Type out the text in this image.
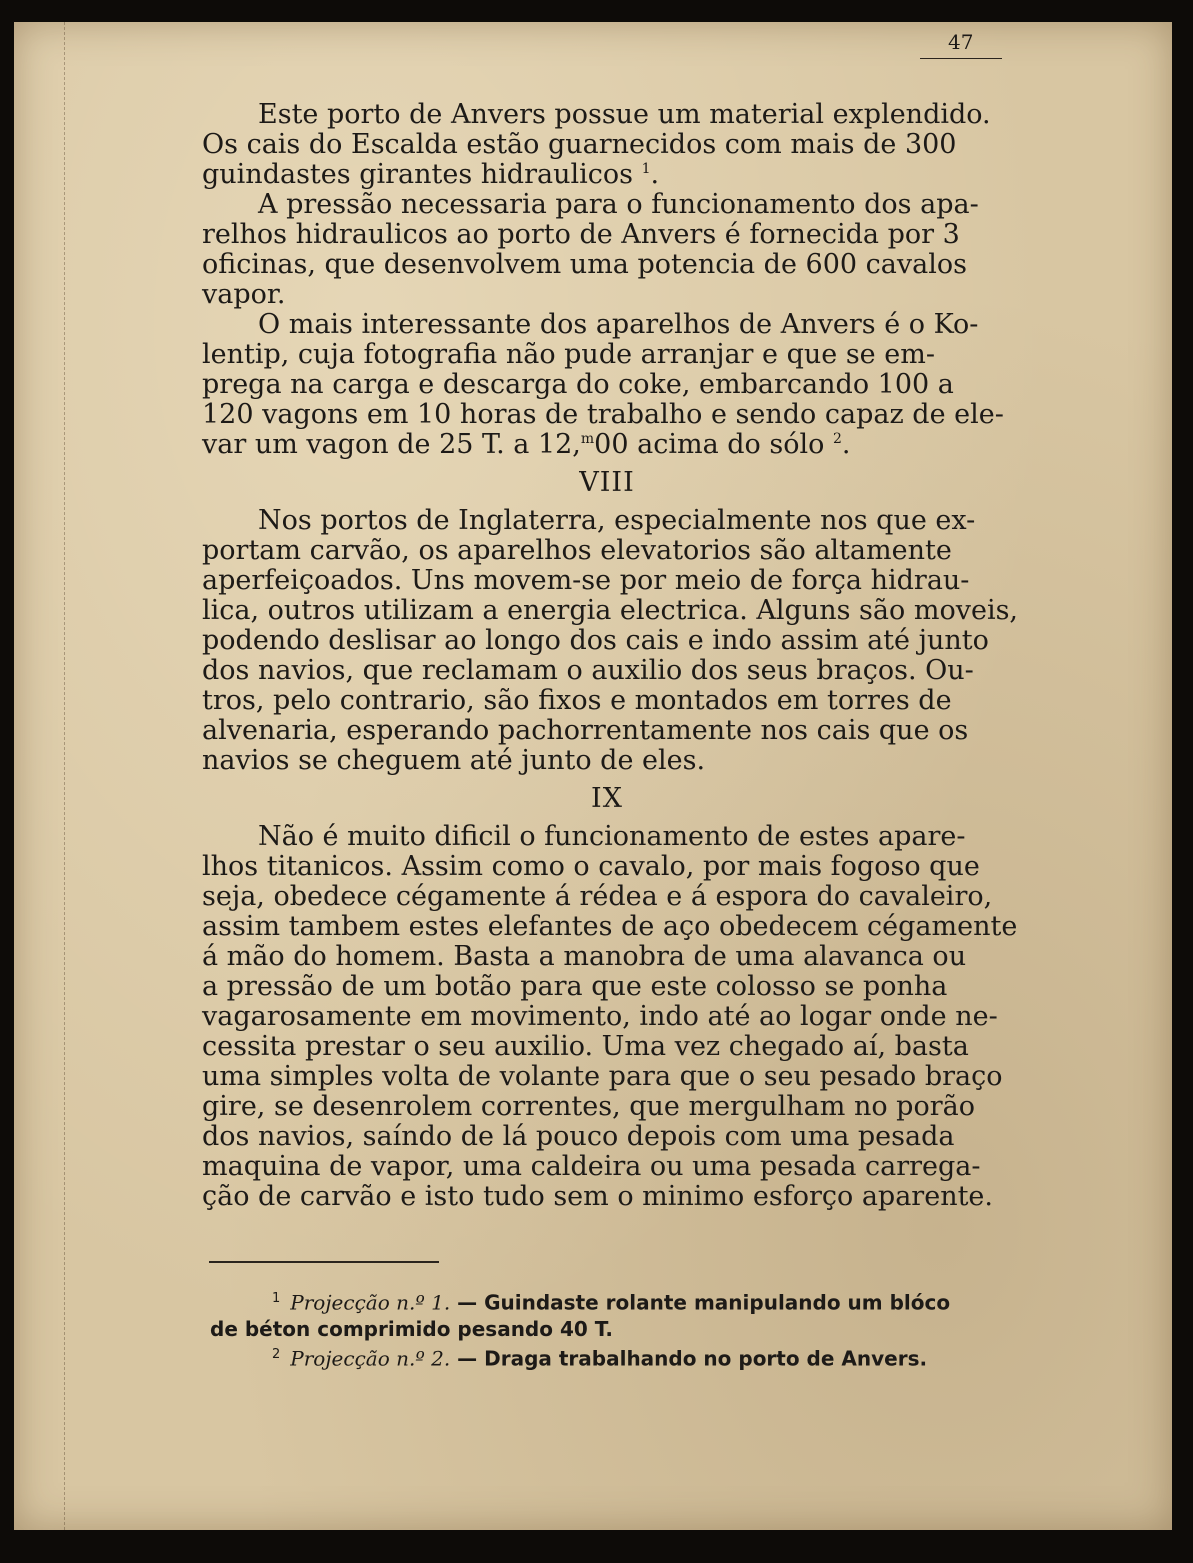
47
Este porto de Anvers possue um material explendido.
Os cais do Escalda estão guarnecidos com mais de 300
guindastes girantes hidraulicos $^1$.
A pressão necessaria para o funcionamento dos apa-
relhos hidraulicos ao porto de Anvers é fornecida por 3
oficinas, que desenvolvem uma potencia de 600 cavalos
vapor.
O mais interessante dos aparelhos de Anvers é o Ko-
lentip, cuja fotografia não pude arranjar e que se em-
prega na carga e descarga do coke, embarcando 100 a
120 vagons em 10 horas de trabalho e sendo capaz de ele-
var um vagon de 25 T. a 12,$^m$00 acima do sólo $^2$.
VIII
Nos portos de Inglaterra, especialmente nos que ex-
portam carvão, os aparelhos elevatorios são altamente
aperfeiçoados. Uns movem-se por meio de força hidrau-
lica, outros utilizam a energia electrica. Alguns são moveis,
podendo deslisar ao longo dos cais e indo assim até junto
dos navios, que reclamam o auxilio dos seus braços. Ou-
tros, pelo contrario, são fixos e montados em torres de
alvenaria, esperando pachorrentamente nos cais que os
navios se cheguem até junto de eles.
IX
Não é muito dificil o funcionamento de estes apare-
lhos titanicos. Assim como o cavalo, por mais fogoso que
seja, obedece cégamente á rédea e á espora do cavaleiro,
assim tambem estes elefantes de aço obedecem cégamente
á mão do homem. Basta a manobra de uma alavanca ou
a pressão de um botão para que este colosso se ponha
vagarosamente em movimento, indo até ao logar onde ne-
cessita prestar o seu auxilio. Uma vez chegado aí, basta
uma simples volta de volante para que o seu pesado braço
gire, se desenrolem correntes, que mergulham no porão
dos navios, saíndo de lá pouco depois com uma pesada
maquina de vapor, uma caldeira ou uma pesada carrega-
ção de carvão e isto tudo sem o minimo esforço aparente.
$^1$ Projecção n.º 1. — Guindaste rolante manipulando um blóco
de béton comprimido pesando 40 T.
$^2$ Projecção n.º 2. — Draga trabalhando no porto de Anvers.
